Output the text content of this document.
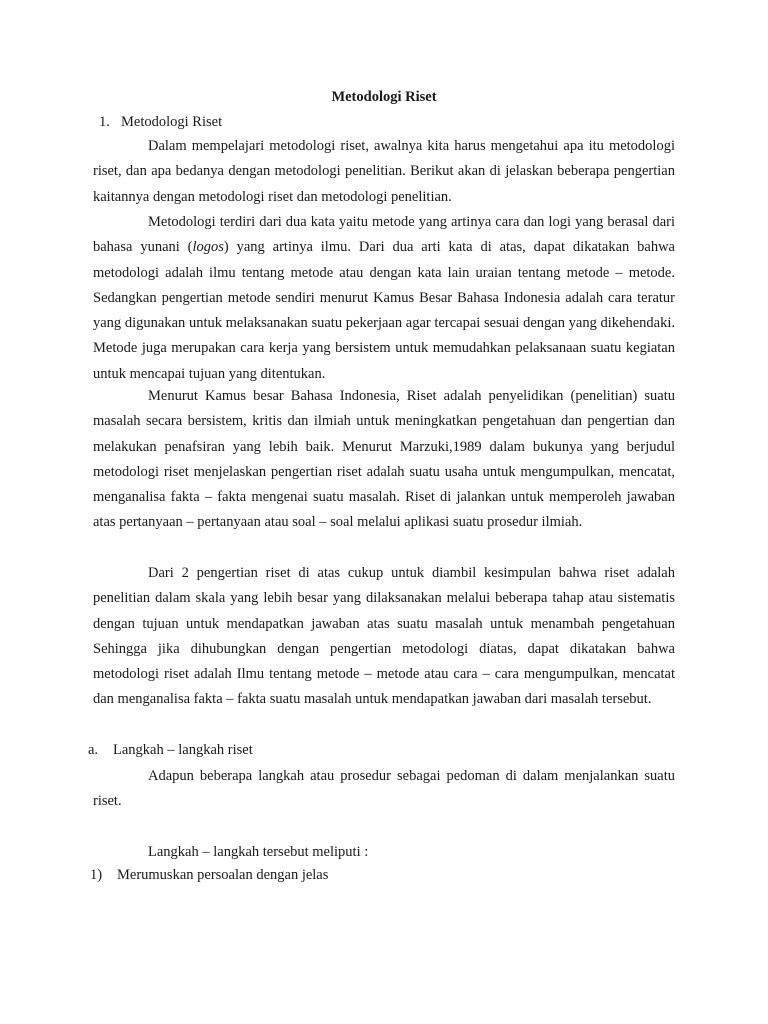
Metodologi Riset
1. Metodologi Riset

Dalam mempelajari metodologi riset, awalnya kita harus mengetahui apa itu metodologi riset, dan apa bedanya dengan metodologi penelitian. Berikut akan di jelaskan beberapa pengertian kaitannya dengan metodologi riset dan metodologi penelitian.

Metodologi terdiri dari dua kata yaitu metode yang artinya cara dan logi yang berasal dari bahasa yunani (logos) yang artinya ilmu. Dari dua arti kata di atas, dapat dikatakan bahwa metodologi adalah ilmu tentang metode atau dengan kata lain uraian tentang metode – metode. Sedangkan pengertian metode sendiri menurut Kamus Besar Bahasa Indonesia adalah cara teratur yang digunakan untuk melaksanakan suatu pekerjaan agar tercapai sesuai dengan yang dikehendaki. Metode juga merupakan cara kerja yang bersistem untuk memudahkan pelaksanaan suatu kegiatan untuk mencapai tujuan yang ditentukan.

Menurut Kamus besar Bahasa Indonesia, Riset adalah penyelidikan (penelitian) suatu masalah secara bersistem, kritis dan ilmiah untuk meningkatkan pengetahuan dan pengertian dan melakukan penafsiran yang lebih baik. Menurut Marzuki,1989 dalam bukunya yang berjudul metodologi riset menjelaskan pengertian riset adalah suatu usaha untuk mengumpulkan, mencatat, menganalisa fakta – fakta mengenai suatu masalah. Riset di jalankan untuk memperoleh jawaban atas pertanyaan – pertanyaan atau soal – soal melalui aplikasi suatu prosedur ilmiah.

Dari 2 pengertian riset di atas cukup untuk diambil kesimpulan bahwa riset adalah penelitian dalam skala yang lebih besar yang dilaksanakan melalui beberapa tahap atau sistematis dengan tujuan untuk mendapatkan jawaban atas suatu masalah untuk menambah pengetahuan Sehingga jika dihubungkan dengan pengertian metodologi diatas, dapat dikatakan bahwa metodologi riset adalah Ilmu tentang metode – metode atau cara – cara mengumpulkan, mencatat dan menganalisa fakta – fakta suatu masalah untuk mendapatkan jawaban dari masalah tersebut.

a. Langkah – langkah riset

Adapun beberapa langkah atau prosedur sebagai pedoman di dalam menjalankan suatu riset.

Langkah – langkah tersebut meliputi :

1) Merumuskan persoalan dengan jelas
